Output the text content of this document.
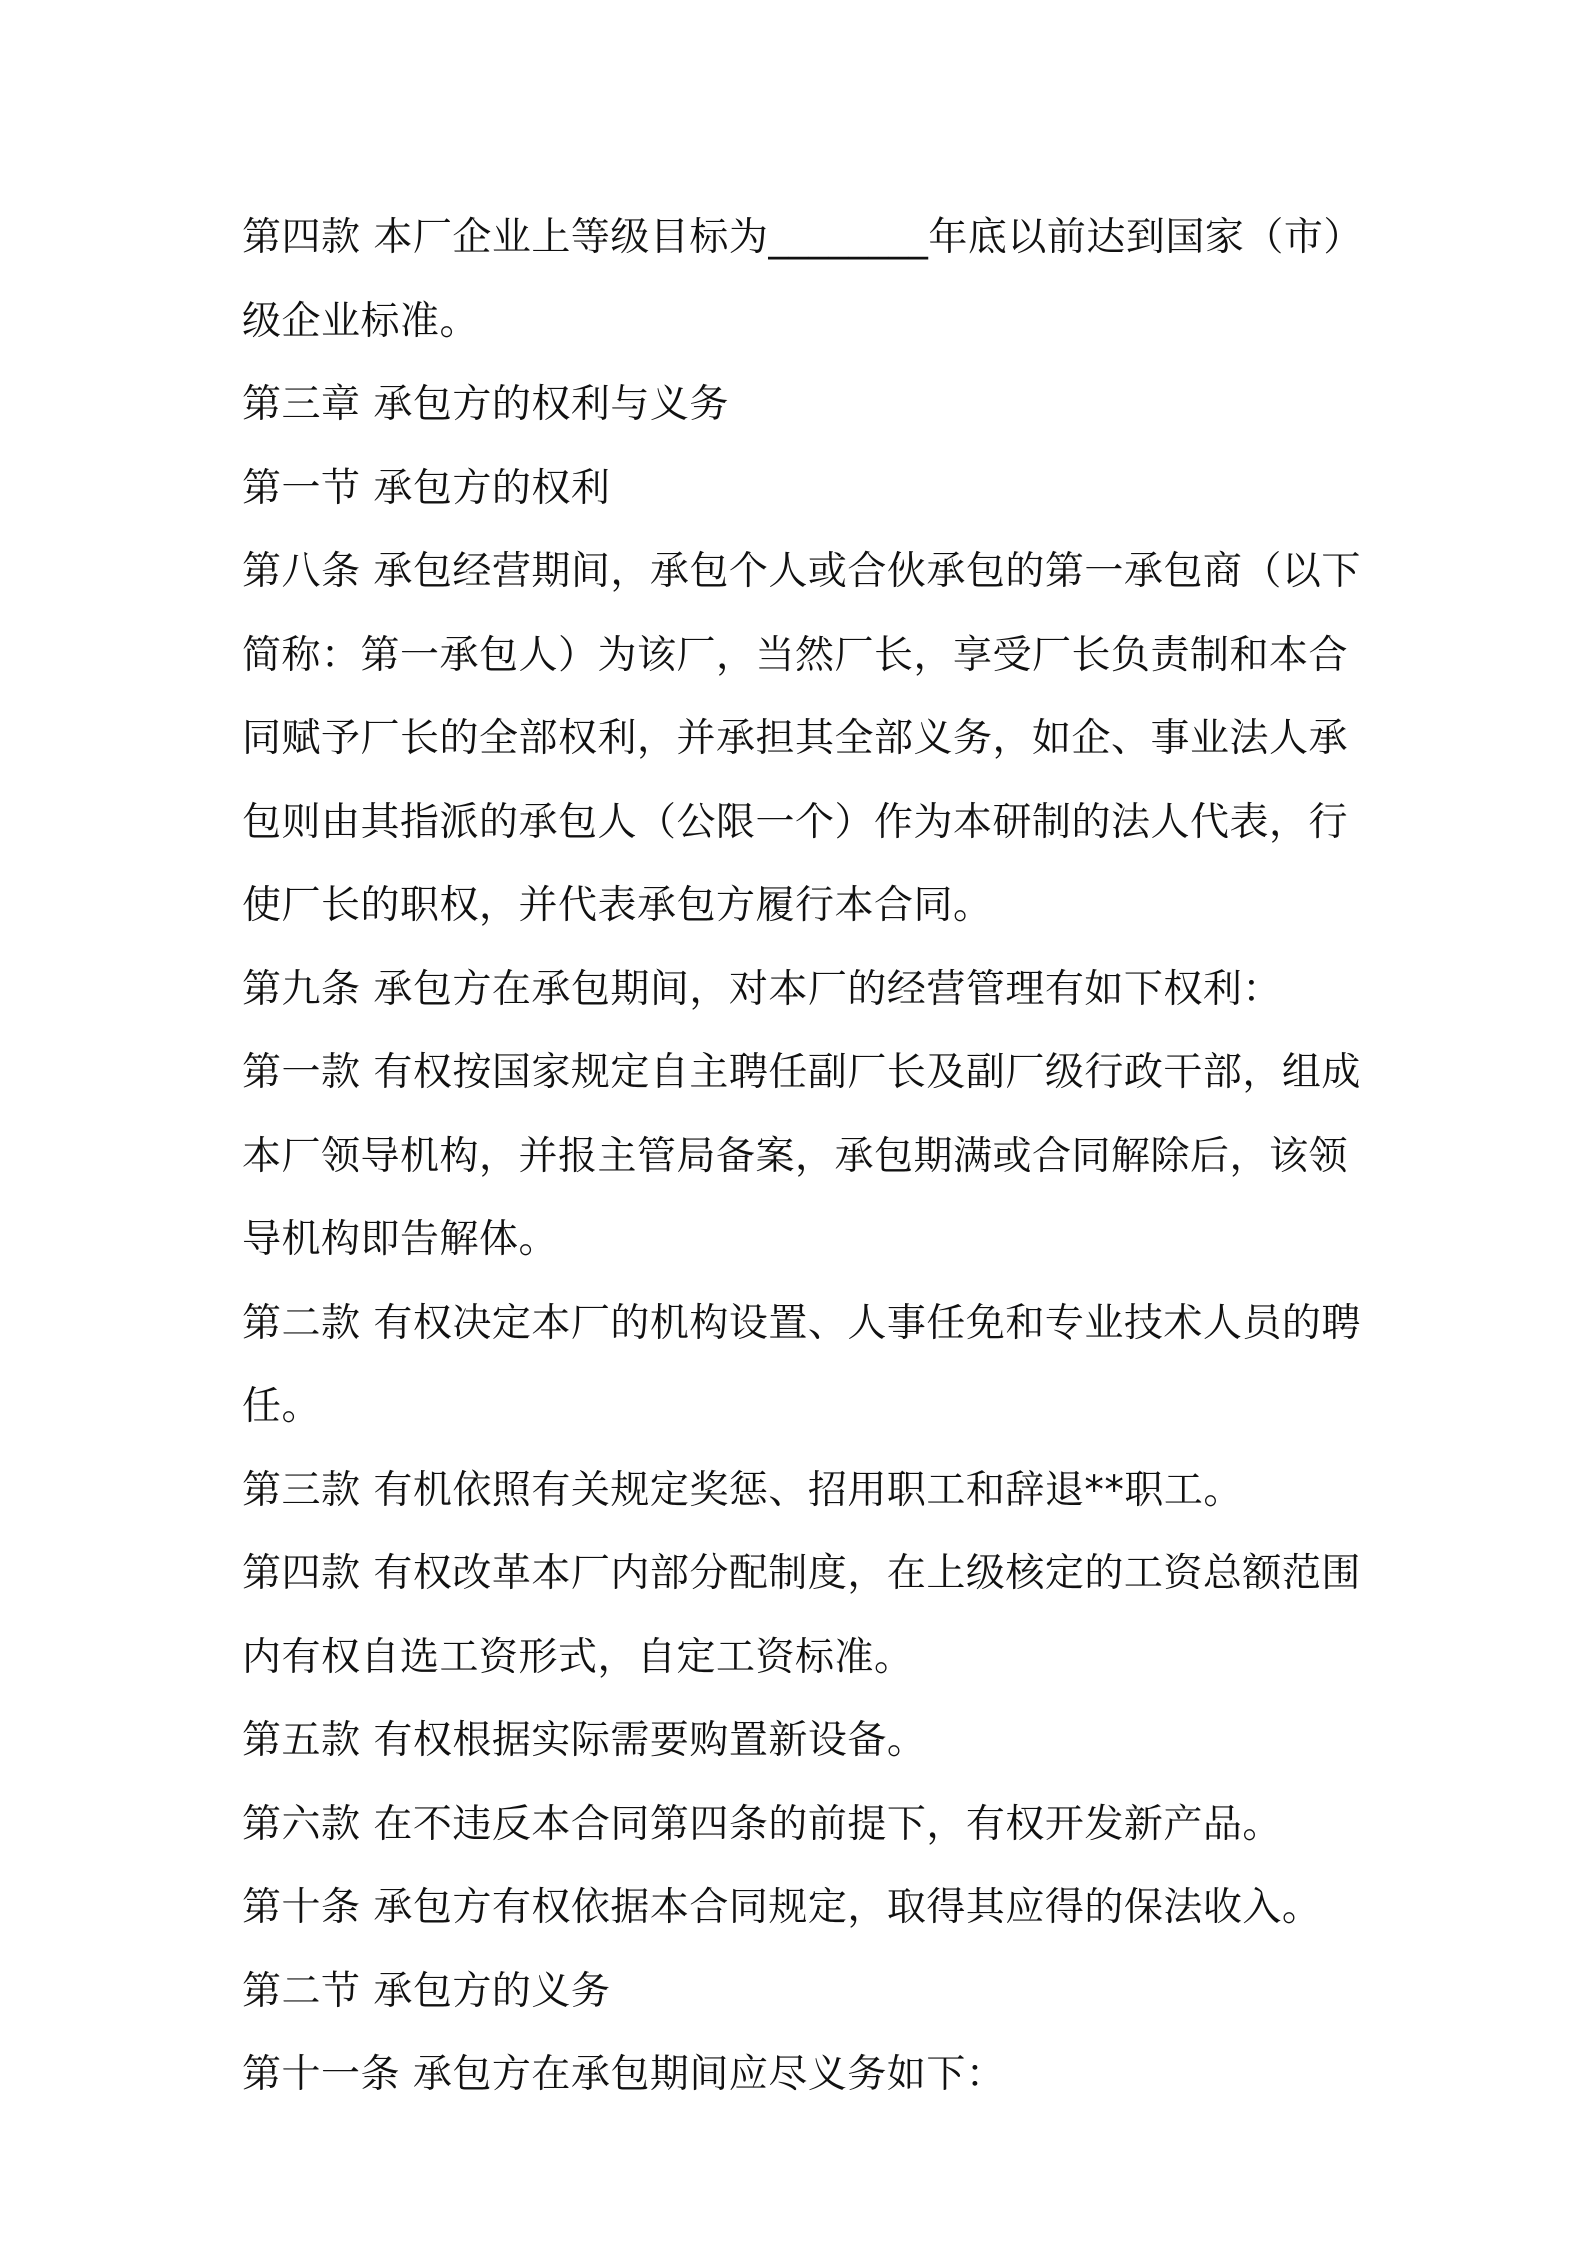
第四款 本厂企业上等级目标为________年底以前达到国家（市）级企业标准。

第三章 承包方的权利与义务

第一节 承包方的权利

第八条 承包经营期间，承包个人或合伙承包的第一承包商（以下简称：第一承包人）为该厂，当然厂长，享受厂长负责制和本合同赋予厂长的全部权利，并承担其全部义务，如企、事业法人承包则由其指派的承包人（公限一个）作为本研制的法人代表，行使厂长的职权，并代表承包方履行本合同。

第九条 承包方在承包期间，对本厂的经营管理有如下权利：

第一款 有权按国家规定自主聘任副厂长及副厂级行政干部，组成本厂领导机构，并报主管局备案，承包期满或合同解除后，该领导机构即告解体。

第二款 有权决定本厂的机构设置、人事任免和专业技术人员的聘任。

第三款 有机依照有关规定奖惩、招用职工和辞退**职工。

第四款 有权改革本厂内部分配制度，在上级核定的工资总额范围内有权自选工资形式，自定工资标准。

第五款 有权根据实际需要购置新设备。

第六款 在不违反本合同第四条的前提下，有权开发新产品。

第十条 承包方有权依据本合同规定，取得其应得的保法收入。

第二节 承包方的义务

第十一条 承包方在承包期间应尽义务如下：
